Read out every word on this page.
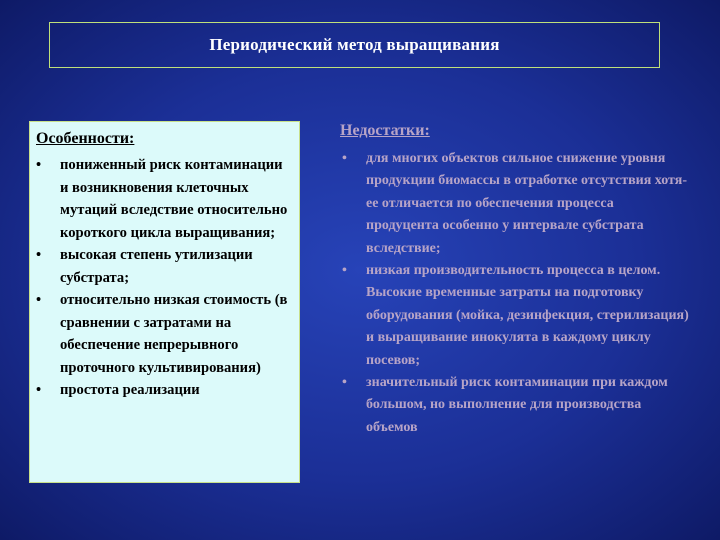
Периодический метод выращивания
Особенности:
• пониженный риск контаминации и возникновения клеточных мутаций вследствие относительно короткого цикла выращивания;
• высокая степень утилизации субстрата;
• относительно низкая стоимость (в сравнении с затратами на обеспечение непрерывного проточного культивирования)
• простота реализации
Недостатки:
• для многих объектов сильное снижение уровня продукции биомассы в отработке отсутствия хотя-ее отличается по обеспечения процесса продуцента особенно у интервале субстрата вследствие;
• низкая производительность процесса в целом. Высокие временные затраты на подготовку оборудования (мойка, дезинфекция, стерилизация) и выращивание инокулята в каждому циклу посевов;
• значительный риск контаминации при каждом большом, но выполнение для производства объемов
